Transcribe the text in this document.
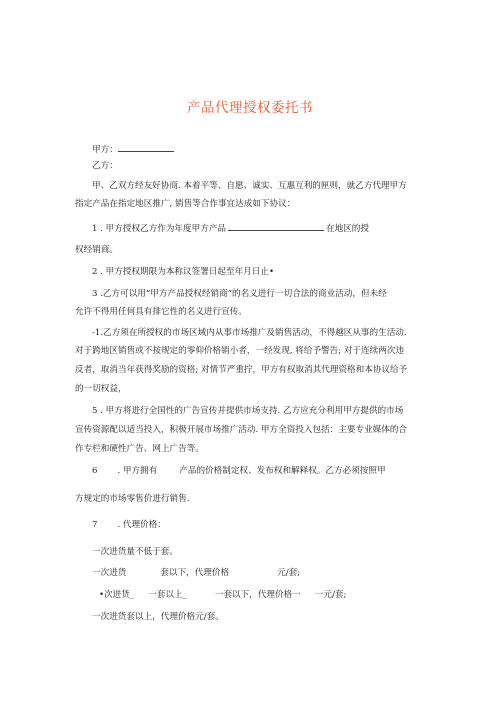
产品代理授权委托书
甲方：
乙方：
甲、乙双方经友好协商. 本着平等、自愿、诚实、互惠互利的匣则，就乙方代理甲方
指定产品在指定地区推广, 销售等合作事宜达成如下协议：
1 . 甲方授权乙方作为年度甲方产品	在地区的授
权经销商。
2 . 甲方授权期限为本称议签署日起至年月日止•
3 .乙方可以用“甲方产品授权经销商”的名义进行一切合法的商业活动，但未经
允许不得用任何具有排它性的名义进行宣传。
-1.乙方须在所授权的市场区域内从事市场推广及销售活动，不得越区从事的生活动.
对于跨地区销售或不按规定的零仰价格销小者，一经发现, 将给予警告; 对于连续两次违
反者，取消当年获得奖励的资格; 对情节严重拧，甲方有权取消其代理资格和本协议给予
的一切权益，
5 . 甲方将进行全国性的广告宣传并提供市场支持. 乙方应充分利用甲方提供的市场
宣传资源配以适当投入，积极开展市场推广活动. 甲方全资投入包括：主要专业媒体的合
作专栏和硬性广告、网上广告等。
6 . 甲方拥有	产品的价格制定权、发布权和解释权。乙方必须按照甲
方规定的市场零售价进行销售.
7 . 代理价格：
一次进货量不低于套。
一次进货	套以下，代理价格	元/套;
•次进货_ 一套以上_	一套以下，代理价格一 一元/套;
一次进货套以上，代理价格元/套。
